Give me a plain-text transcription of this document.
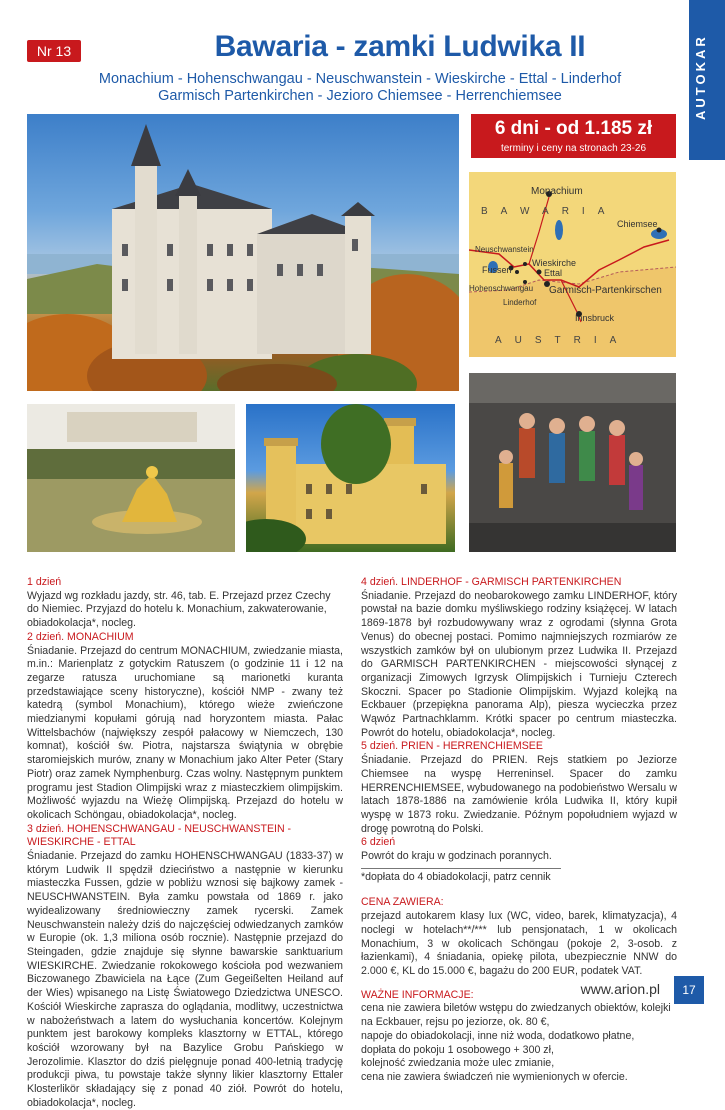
AUTOKAR
Nr 13	Bawaria - zamki Ludwika II
Monachium - Hohenschwangau - Neuschwanstein - Wieskirche - Ettal - Linderhof
Garmisch Partenkirchen - Jezioro Chiemsee - Herrenchiemsee
6 dni - od 1.185 zł
terminy i ceny na stronach 23-26
Monachium
BAWARIA
Chiemsee
Neuschwanstein
Wieskirche
Fussen	Ettal
Hohenschwangau Garmisch-Partenkirschen
Linderhof
Innsbruck
AUSTRIA

1 dzień

Wyjazd wg rozkładu jazdy, str. 46, tab. E. Przejazd przez Czechy do Niemiec. Przyjazd do hotelu k. Monachium, zakwaterowanie, obiadokolacja*, nocleg.

2 dzień. MONACHIUM

Śniadanie. Przejazd do centrum MONACHIUM, zwiedzanie miasta, m.in.: Marienplatz z gotyckim Ratuszem (o godzinie 11 i 12 na zegarze ratusza uruchomiane są marionetki kuranta przedstawiające sceny historyczne), kościół NMP - zwany też katedrą (symbol Monachium), którego wieże zwieńczone miedzianymi kopułami górują nad horyzontem miasta. Pałac Wittelsbachów (największy zespół pałacowy w Niemczech, 130 komnat), kościół św. Piotra, najstarsza świątynia w obrębie staromiejskich murów, znany w Monachium jako Alter Peter (Stary Piotr) oraz zamek Nymphenburg. Czas wolny. Następnym punktem programu jest Stadion Olimpijski wraz z miasteczkiem olimpijskim. Możliwość wyjazdu na Wieżę Olimpijską. Przejazd do hotelu w okolicach Schöngau, obiadokolacja*, nocleg.

3 dzień. HOHENSCHWANGAU - NEUSCHWANSTEIN - WIESKIRCHE - ETTAL

Śniadanie. Przejazd do zamku HOHENSCHWANGAU (1833-37) w którym Ludwik II spędził dzieciństwo a następnie w kierunku miasteczka Fussen, gdzie w pobliżu wznosi się bajkowy zamek - NEUSCHWANSTEIN. Była zamku powstała od 1869 r. jako wyidealizowany średniowieczny zamek rycerski. Zamek Neuschwanstein należy dziś do najczęściej odwiedzanych zamków w Europie (ok. 1,3 miliona osób rocznie). Następnie przejazd do Steingaden, gdzie znajduje się słynne bawarskie sanktuarium WIESKIRCHE. Zwiedzanie rokokowego kościoła pod wezwaniem Biczowanego Zbawiciela na Łące (Zum Gegeißelten Heiland auf der Wies) wpisanego na Listę Światowego Dziedzictwa UNESCO. Kościół Wieskirche zaprasza do oglądania, modlitwy, uczestnictwa w nabożeństwach a latem do wysłuchania koncertów. Kolejnym punktem jest barokowy kompleks klasztorny w ETTAL, którego kościół wzorowany był na Bazylice Grobu Pańskiego w Jerozolimie. Klasztor do dziś pielęgnuje ponad 400-letnią tradycję produkcji piwa, tu powstaje także słynny likier klasztorny Ettaler Klosterlikör składający się z ponad 40 ziół. Powrót do hotelu, obiadokolacja*, nocleg.

4 dzień. LINDERHOF - GARMISCH PARTENKIRCHEN

Śniadanie. Przejazd do neobarokowego zamku LINDERHOF, który powstał na bazie domku myśliwskiego rodziny książęcej. W latach 1869-1878 był rozbudowywany wraz z ogrodami (słynna Grota Venus) do obecnej postaci. Pomimo najmniejszych rozmiarów ze wszystkich zamków był on ulubionym przez Ludwika II. Przejazd do GARMISCH PARTENKIRCHEN - miejscowości słynącej z organizacji Zimowych Igrzysk Olimpijskich i Turnieju Czterech Skoczni. Spacer po Stadionie Olimpijskim. Wyjazd kolejką na Eckbauer (przepiękna panorama Alp), piesza wycieczka przez Wąwóz Partnachklamm. Krótki spacer po centrum miasteczka. Powrót do hotelu, obiadokolacja*, nocleg.

5 dzień. PRIEN - HERRENCHIEMSEE

Śniadanie. Przejazd do PRIEN. Rejs statkiem po Jeziorze Chiemsee na wyspę Herreninsel. Spacer do zamku HERRENCHIEMSEE, wybudowanego na podobieństwo Wersalu w latach 1878-1886 na zamówienie króla Ludwika II, który kupił wyspę w 1873 roku. Zwiedzanie. Późnym popołudniem wyjazd w drogę powrotną do Polski.

6 dzień

Powrót do kraju w godzinach porannych.

*dopłata do 4 obiadokolacji, patrz cennik

CENA ZAWIERA:

przejazd autokarem klasy lux (WC, video, barek, klimatyzacja), 4 noclegi w hotelach**/*** lub pensjonatach, 1 w okolicach Monachium, 3 w okolicach Schöngau (pokoje 2, 3-osob. z łazienkami), 4 śniadania, opiekę pilota, ubezpiecznie NNW do 2.000 €, KL do 15.000 €, bagażu do 200 EUR, podatek VAT.

WAŻNE INFORMACJE:

cena nie zawiera biletów wstępu do zwiedzanych obiektów, kolejki na Eckbauer, rejsu po jeziorze, ok. 80 €,

napoje do obiadokolacji, inne niż woda, dodatkowo płatne,

dopłata do pokoju 1 osobowego + 300 zł,

kolejność zwiedzania może ulec zmianie,

cena nie zawiera świadczeń nie wymienionych w ofercie.

www.arion.pl	17
